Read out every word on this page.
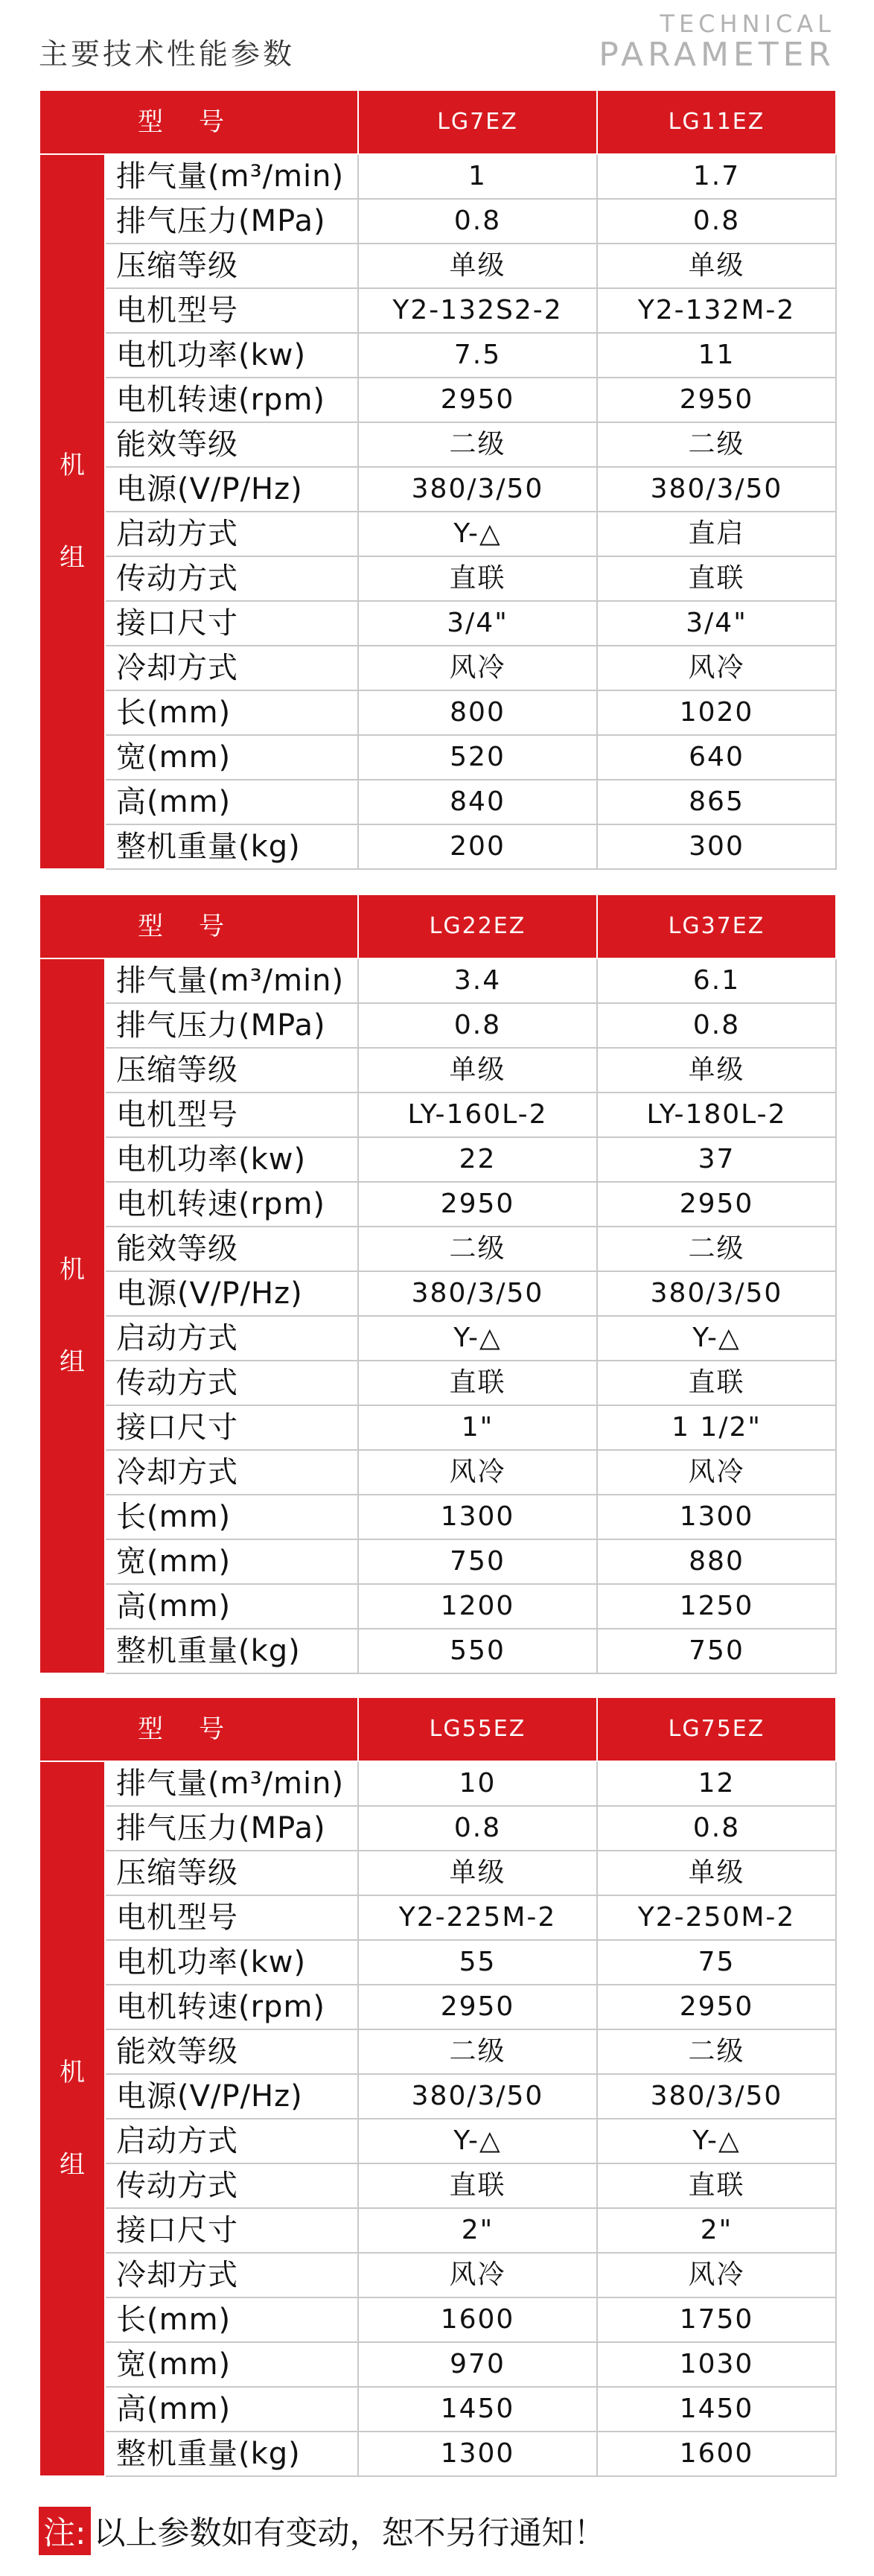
主要技术性能参数
TECHNICAL
PARAMETER
型号		LG7EZ	LG11EZ

机
组	排气量(m³/min)	1	1.7
	排气压力(MPa)	0.8	0.8
	压缩等级	单级	单级
	电机型号	Y2-132S2-2	Y2-132M-2
	电机功率(kw)	7.5	11
	电机转速(rpm)	2950	2950
	能效等级	二级	二级
	电源(V/P/Hz)	380/3/50	380/3/50
	启动方式	Y-△	直启
	传动方式	直联	直联
	接口尺寸	3/4"	3/4"
	冷却方式	风冷	风冷
	长(mm)	800	1020
	宽(mm)	520	640
	高(mm)	840	865
	整机重量(kg)	200	300
型号		LG22EZ	LG37EZ

机
组	排气量(m³/min)	3.4	6.1
	排气压力(MPa)	0.8	0.8
	压缩等级	单级	单级
	电机型号	LY-160L-2	LY-180L-2
	电机功率(kw)	22	37
	电机转速(rpm)	2950	2950
	能效等级	二级	二级
	电源(V/P/Hz)	380/3/50	380/3/50
	启动方式	Y-△	Y-△
	传动方式	直联	直联
	接口尺寸	1"	1 1/2"
	冷却方式	风冷	风冷
	长(mm)	1300	1300
	宽(mm)	750	880
	高(mm)	1200	1250
	整机重量(kg)	550	750
型号		LG55EZ	LG75EZ

机
组	排气量(m³/min)	10	12
	排气压力(MPa)	0.8	0.8
	压缩等级	单级	单级
	电机型号	Y2-225M-2	Y2-250M-2
	电机功率(kw)	55	75
	电机转速(rpm)	2950	2950
	能效等级	二级	二级
	电源(V/P/Hz)	380/3/50	380/3/50
	启动方式	Y-△	Y-△
	传动方式	直联	直联
	接口尺寸	2"	2"
	冷却方式	风冷	风冷
	长(mm)	1600	1750
	宽(mm)	970	1030
	高(mm)	1450	1450
	整机重量(kg)	1300	1600
注: 以上参数如有变动，恕不另行通知！
